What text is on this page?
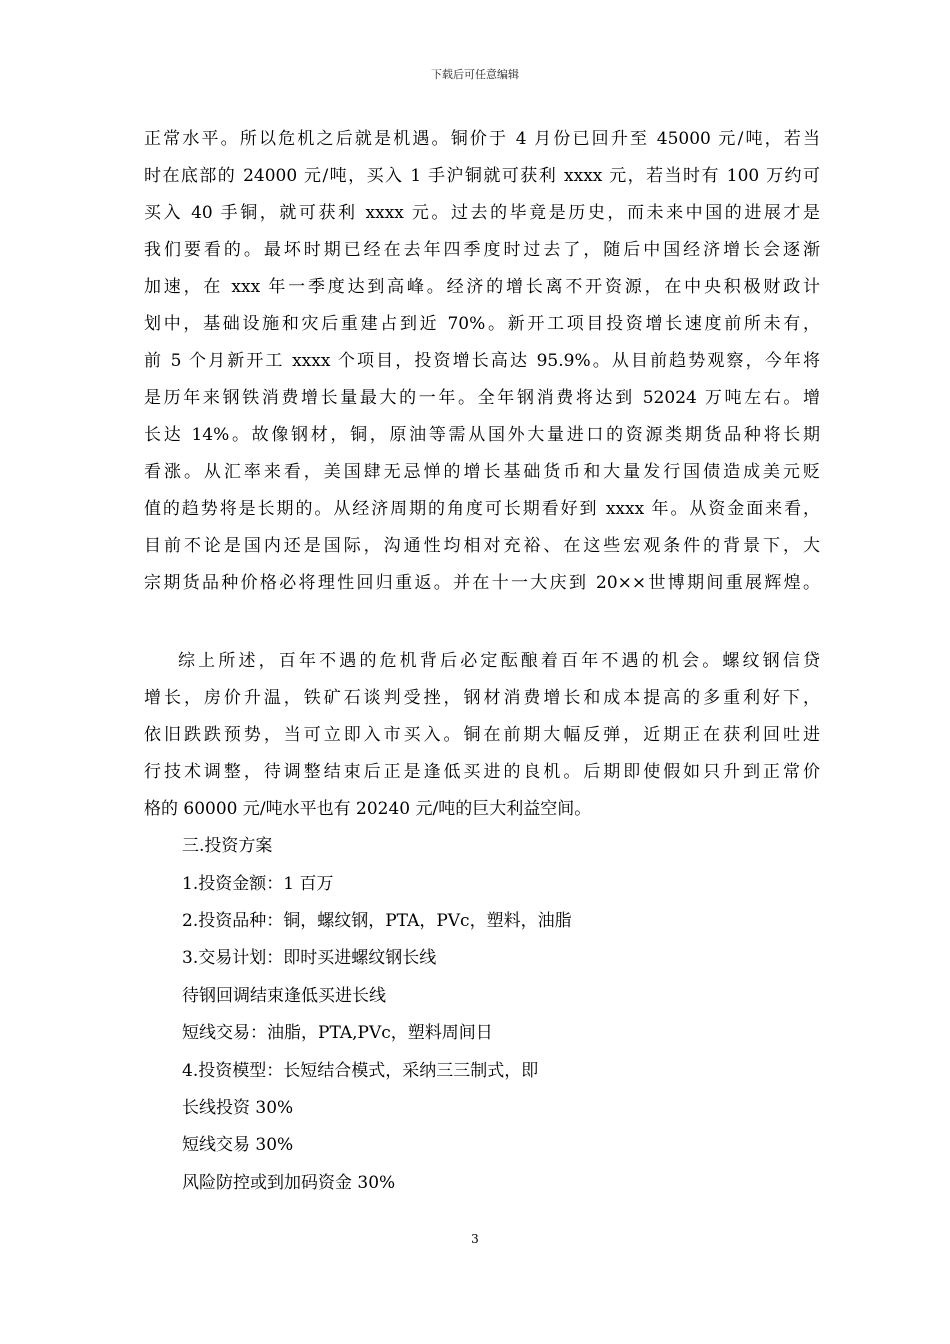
下载后可任意编辑
正常水平。所以危机之后就是机遇。铜价于 4 月份已回升至 45000 元/吨，若当
时在底部的 24000 元/吨，买入 1 手沪铜就可获利 xxxx 元，若当时有 100 万约可
买入 40 手铜，就可获利 xxxx 元。过去的毕竟是历史，而未来中国的进展才是
我们要看的。最坏时期已经在去年四季度时过去了，随后中国经济增长会逐渐
加速，在 xxx 年一季度达到高峰。经济的增长离不开资源，在中央积极财政计
划中，基础设施和灾后重建占到近 70%。新开工项目投资增长速度前所未有，
前 5 个月新开工 xxxx 个项目，投资增长高达 95.9%。从目前趋势观察，今年将
是历年来钢铁消费增长量最大的一年。全年钢消费将达到 52024 万吨左右。增
长达 14%。故像钢材，铜，原油等需从国外大量进口的资源类期货品种将长期
看涨。从汇率来看，美国肆无忌惮的增长基础货币和大量发行国债造成美元贬
值的趋势将是长期的。从经济周期的角度可长期看好到 xxxx 年。从资金面来看，
目前不论是国内还是国际，沟通性均相对充裕、在这些宏观条件的背景下，大
宗期货品种价格必将理性回归重返。并在十一大庆到 20××世博期间重展辉煌。
综上所述，百年不遇的危机背后必定酝酿着百年不遇的机会。螺纹钢信贷
增长，房价升温，铁矿石谈判受挫，钢材消费增长和成本提高的多重利好下，
依旧跌跌预势，当可立即入市买入。铜在前期大幅反弹，近期正在获利回吐进
行技术调整，待调整结束后正是逢低买进的良机。后期即使假如只升到正常价
格的 60000 元/吨水平也有 20240 元/吨的巨大利益空间。
三.投资方案
1.投资金额：1 百万
2.投资品种：铜，螺纹钢，PTA，PVc，塑料，油脂
3.交易计划：即时买进螺纹钢长线
待钢回调结束逢低买进长线
短线交易：油脂，PTA,PVc，塑料周间日
4.投资模型：长短结合模式，采纳三三制式，即
长线投资 30%
短线交易 30%
风险防控或到加码资金 30%
3
